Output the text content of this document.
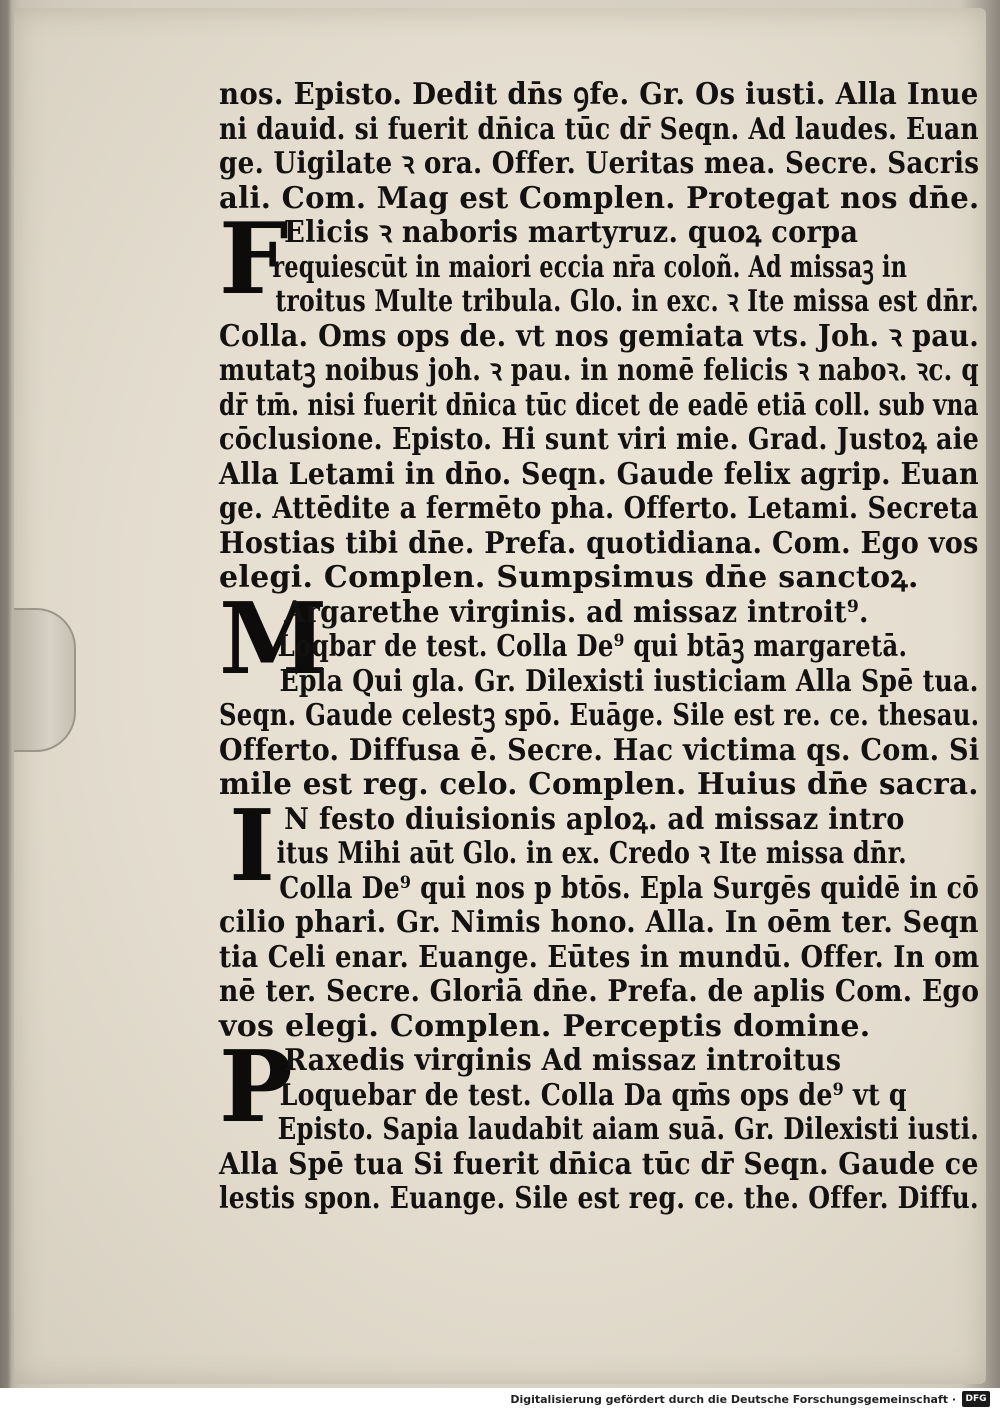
nos. Episto. Dedit dn̄s ꝯfe. Gr. Os iusti. Alla Inue
ni dauid. si fuerit dn̄ica tūc dr̄ Seqn. Ad laudes. Euan
ge. Uigilate ꝛ ora. Offer. Ueritas mea. Secre. Sacris
ali. Com. Mag est Complen. Protegat nos dn̄e.
F
Elicis ꝛ naboris martyruz. quoꝝ corpa
requiescūt in maiori eccia nr̄a coloñ. Ad missaꝫ in
troitus Multe tribula. Glo. in exc. ꝛ Ite missa est dn̄r.
Colla. Oms ops de. vt nos gemiata vts. Joh. ꝛ pau.
mutatꝫ noibus joh. ꝛ pau. in nomē felicis ꝛ naboꝛ. ꝛc. q
dr̄ tm̄. nisi fuerit dn̄ica tūc dicet de eadē etiā coll. sub vna
cōclusione. Episto. Hi sunt viri mie. Grad. Justoꝝ aie
Alla Letami in dn̄o. Seqn. Gaude felix agrip. Euan
ge. Attēdite a fermēto pha. Offerto. Letami. Secreta
Hostias tibi dn̄e. Prefa. quotidiana. Com. Ego vos
elegi. Complen. Sumpsimus dn̄e sanctoꝝ.
M
Argarethe virginis. ad missaz introit⁹.
Loqbar de test. Colla De⁹ qui btāꝫ margaretā.
Epla Qui gla. Gr. Dilexisti iusticiam Alla Spē tua.
Seqn. Gaude celestꝫ spō. Euāge. Sile est re. ce. thesau.
Offerto. Diffusa ē. Secre. Hac victima qs. Com. Si
mile est reg. celo. Complen. Huius dn̄e sacra.
I N festo diuisionis aploꝝ. ad missaz intro
itus Mihi aūt Glo. in ex. Credo ꝛ Ite missa dn̄r.
Colla De⁹ qui nos p btōs. Epla Surgēs quidē in cō
cilio phari. Gr. Nimis hono. Alla. In oēm ter. Seqn
tia Celi enar. Euange. Eūtes in mundū. Offer. In om
nē ter. Secre. Gloriā dn̄e. Prefa. de aplis Com. Ego
vos elegi. Complen. Perceptis domine.
P
Raxedis virginis Ad missaz introitus
Loquebar de test. Colla Da qm̄s ops de⁹ vt q
Episto. Sapia laudabit aiam suā. Gr. Dilexisti iusti.
Alla Spē tua Si fuerit dn̄ica tūc dr̄ Seqn. Gaude ce
lestis spon. Euange. Sile est reg. ce. the. Offer. Diffu.
Digitalisierung gefördert durch die Deutsche Forschungsgemeinschaft ·	DFG
